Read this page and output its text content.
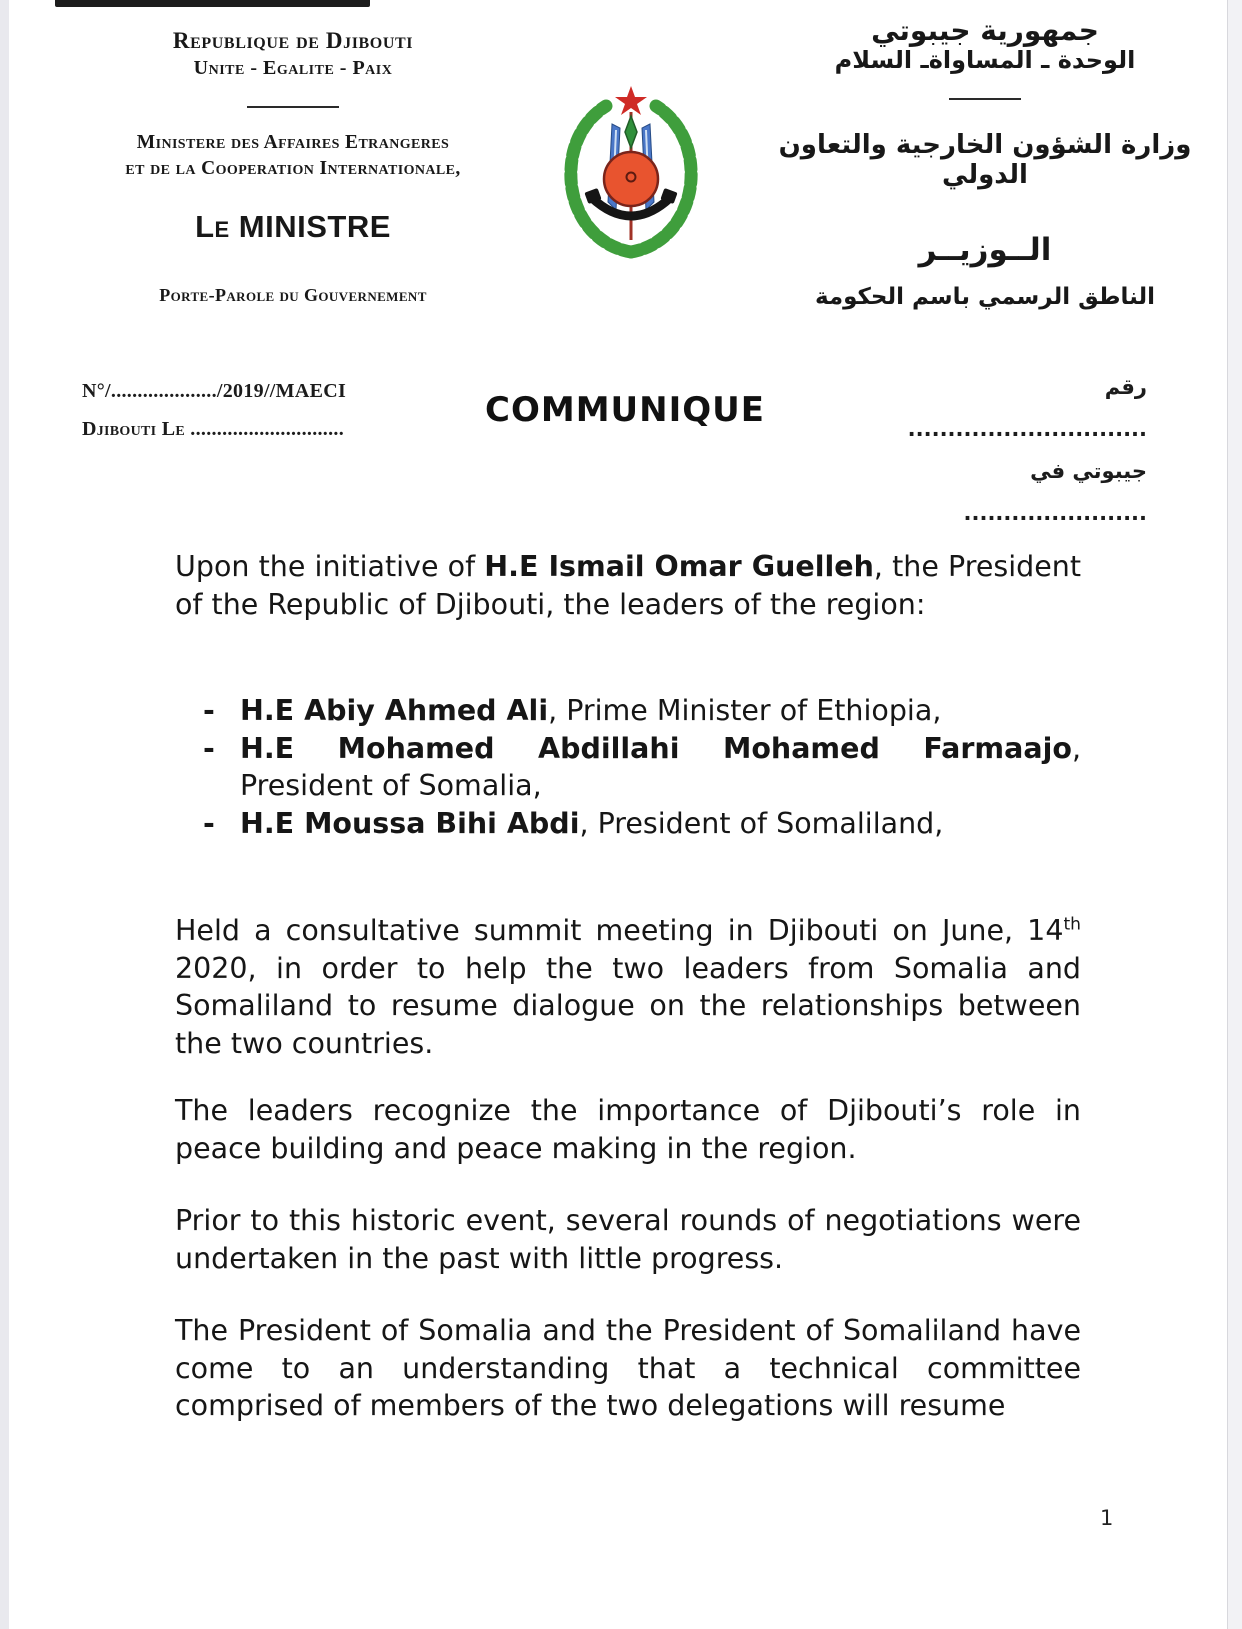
Republique de Djibouti
Unite - Egalite - Paix
Ministere des Affaires Etrangeres
et de la Cooperation Internationale,
Le MINISTRE
Porte-Parole du Gouvernement
جمهورية جيبوتي
الوحدة ـ المساواةـ السلام
وزارة الشؤون الخارجية والتعاون الدولي
الــوزيــر
الناطق الرسمي باسم الحكومة
N°/..................../2019//MAECI
Djibouti Le .............................	COMMUNIQUE
رقم ..............................
جيبوتي في .......................
Upon the initiative of H.E Ismail Omar Guelleh, the President of the Republic of Djibouti, the leaders of the region:
- H.E Abiy Ahmed Ali, Prime Minister of Ethiopia,
- H.E Mohamed Abdillahi Mohamed Farmaajo, President of Somalia,
- H.E Moussa Bihi Abdi, President of Somaliland,
Held a consultative summit meeting in Djibouti on June, 14th 2020, in order to help the two leaders from Somalia and Somaliland to resume dialogue on the relationships between the two countries.
The leaders recognize the importance of Djibouti’s role in peace building and peace making in the region.
Prior to this historic event, several rounds of negotiations were undertaken in the past with little progress.
The President of Somalia and the President of Somaliland have come to an understanding that a technical committee comprised of members of the two delegations will resume
1
